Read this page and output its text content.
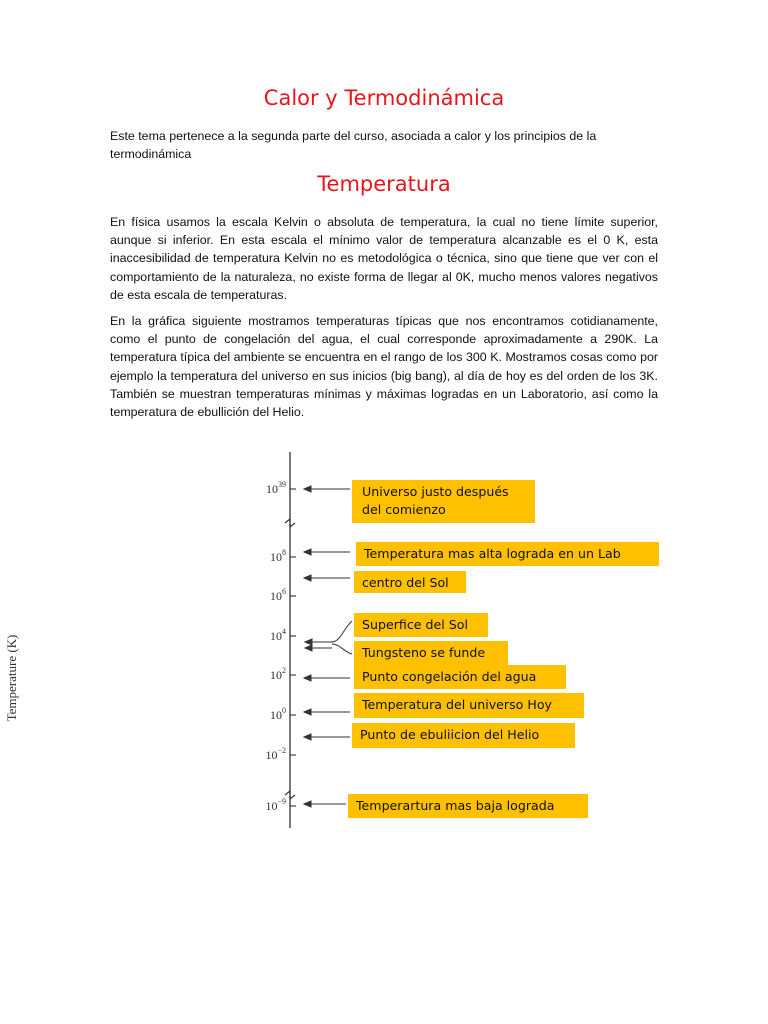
Calor y Termodinámica

Este tema pertenece a la segunda parte del curso, asociada a calor y los principios de la termodinámica

Temperatura

En física usamos la escala Kelvin o absoluta de temperatura, la cual no tiene límite superior, aunque si inferior. En esta escala el mínimo valor de temperatura alcanzable es el 0 K, esta inaccesibilidad de temperatura Kelvin no es metodológica o técnica, sino que tiene que ver con el comportamiento de la naturaleza, no existe forma de llegar al 0K, mucho menos valores negativos de esta escala de temperaturas.

En la gráfica siguiente mostramos temperaturas típicas que nos encontramos cotidianamente, como el punto de congelación del agua, el cual corresponde aproximadamente a 290K. La temperatura típica del ambiente se encuentra en el rango de los 300 K. Mostramos cosas como por ejemplo la temperatura del universo en sus inicios (big bang), al día de hoy es del orden de los 3K. También se muestran temperaturas mínimas y máximas logradas en un Laboratorio, así como la temperatura de ebullición del Helio.

Temperature (K)
$10^{39}$
$10^8$
$10^6$
$10^4$
$10^2$
$10^0$
$10^{-2}$
$10^{-9}$
Universo justo después del comienzo
Temperatura mas alta lograda en un Lab
centro del Sol
Superfice del Sol
Tungsteno se funde
Punto congelación del agua
Temperatura del universo Hoy
Punto de ebuliicion del Helio
Temperartura mas baja lograda
